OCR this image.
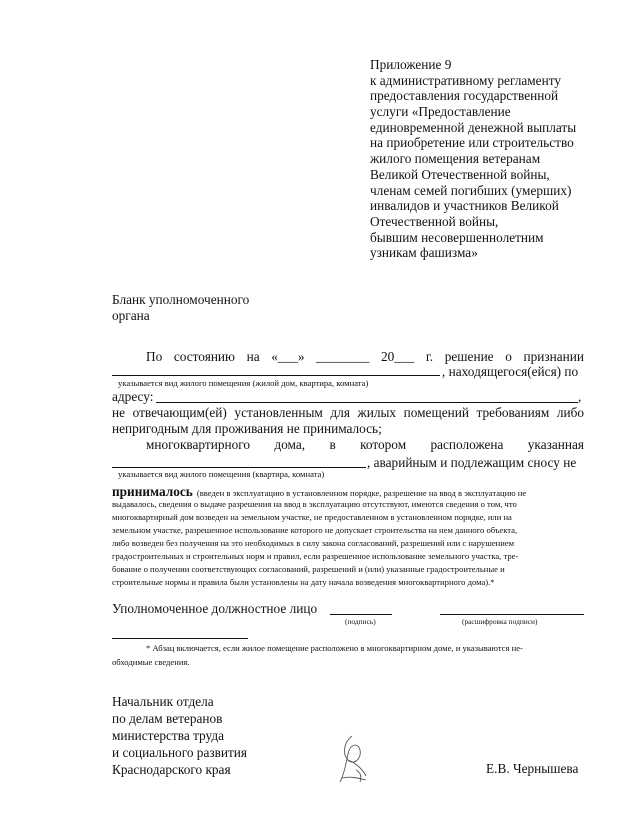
Приложение 9
к административному регламенту
предоставления государственной
услуги «Предоставление
единовременной денежной выплаты
на приобретение или строительство
жилого помещения ветеранам
Великой Отечественной войны,
членам семей погибших (умерших)
инвалидов и участников Великой
Отечественной войны,
бывшим несовершеннолетним
узникам фашизма»
Бланк уполномоченного
органа
По состоянию на «___» ________ 20___ г. решение о признании
, находящегося(ейся) по
указывается вид жилого помещения (жилой дом, квартира, комната)
адресу:	,
не отвечающим(ей) установленным для жилых помещений требованиям либо
непригодным для проживания не принималось;
многоквартирного дома, в котором расположена указанная
, аварийным и подлежащим сносу не
указывается вид жилого помещения (квартира, комната)
принималось (введен в эксплуатацию в установленном порядке, разрешение на ввод в эксплуатацию не
выдавалось, сведения о выдаче разрешения на ввод в эксплуатацию отсутствуют, имеются сведения о том, что
многоквартирный дом возведен на земельном участке, не предоставленном в установленном порядке, или на
земельном участке, разрешенное использование которого не допускает строительства на нем данного объекта,
либо возведен без получения на это необходимых в силу закона согласований, разрешений или с нарушением
градостроительных и строительных норм и правил, если разрешенное использование земельного участка, тре-
бование о получении соответствующих согласований, разрешений и (или) указанные градостроительные и
строительные нормы и правила были установлены на дату начала возведения многоквартирного дома).*
Уполномоченное должностное лицо
(подпись)	(расшифровка подписи)
* Абзац включается, если жилое помещение расположено в многоквартирном доме, и указываются не-
обходимые сведения.
Начальник отдела
по делам ветеранов
министерства труда
и социального развития
Краснодарского края	Е.В. Чернышева
